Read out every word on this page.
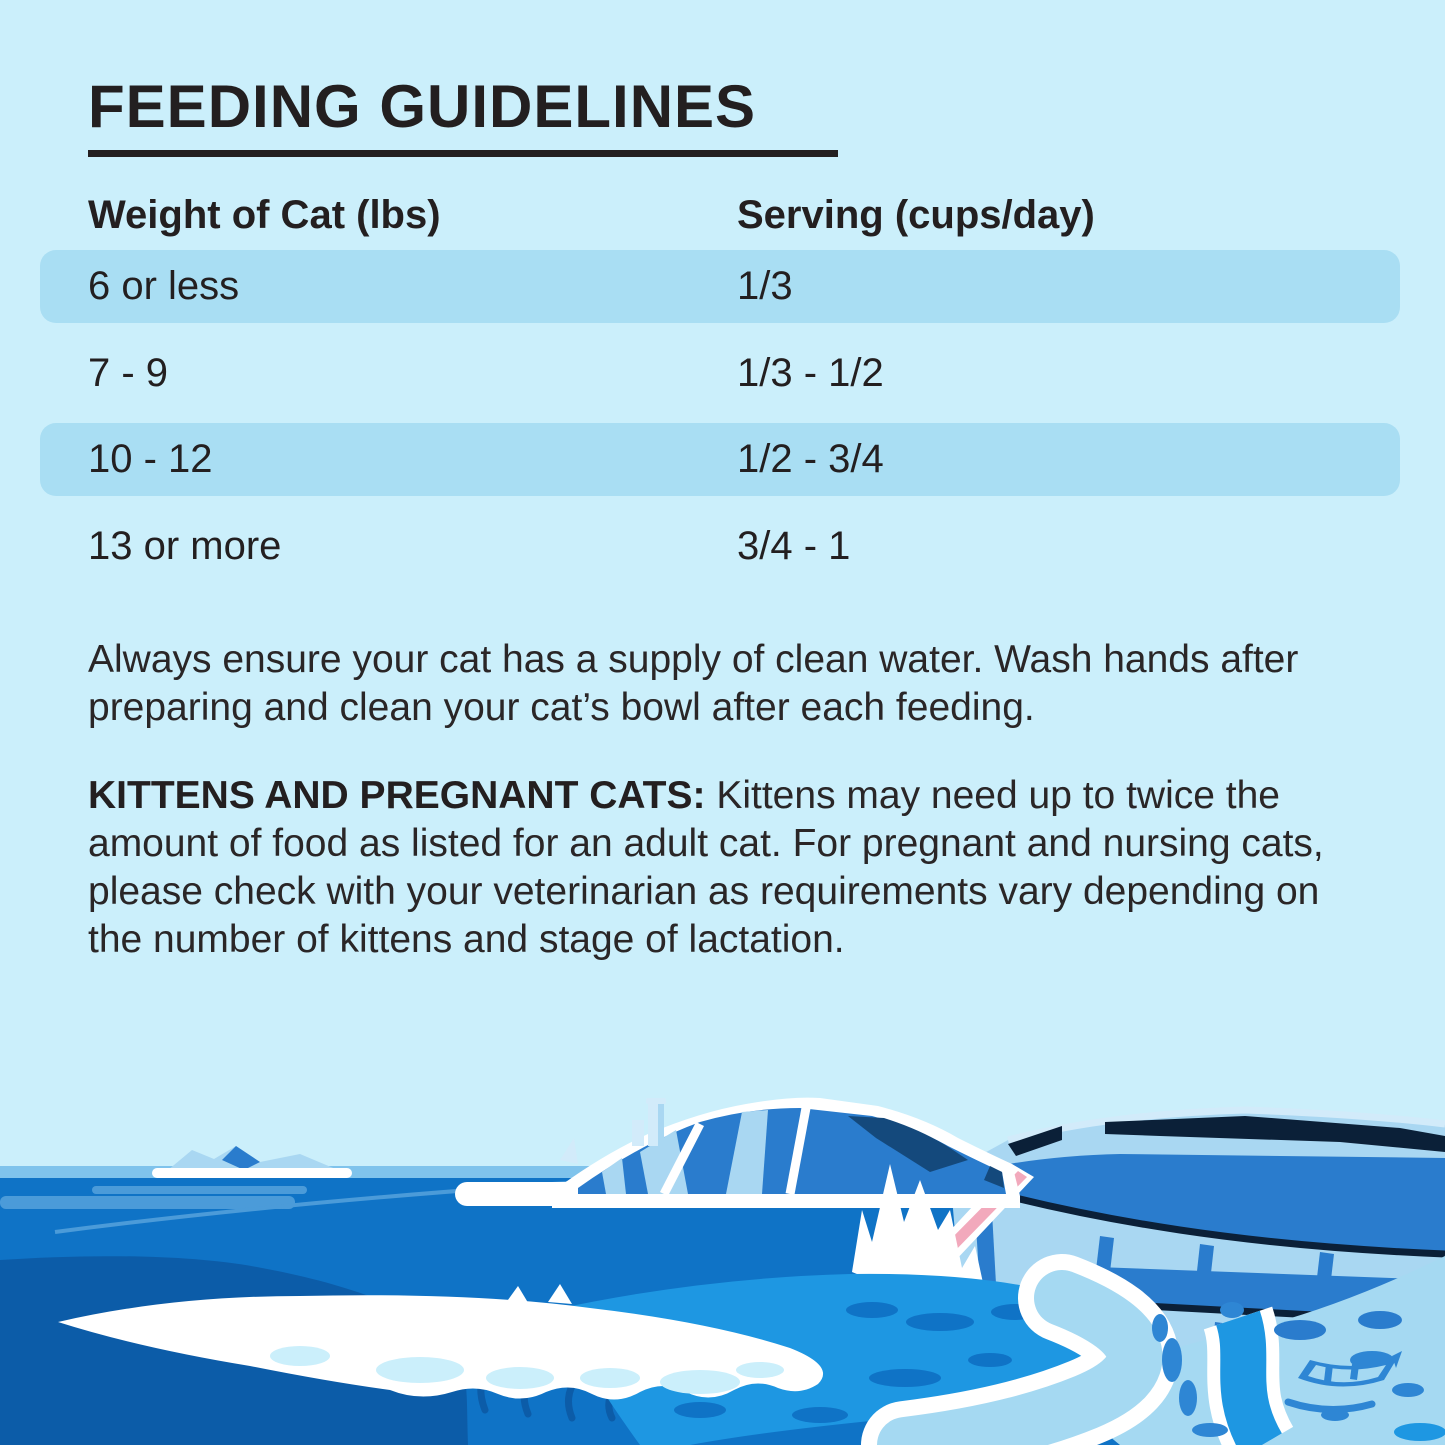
FEEDING GUIDELINES
Weight of Cat (lbs)	Serving (cups/day)
6 or less	1/3
7 - 9	1/3 - 1/2
10 - 12	1/2 - 3/4
13 or more	3/4 - 1
Always ensure your cat has a supply of clean water. Wash hands after preparing and clean your cat’s bowl after each feeding.
KITTENS AND PREGNANT CATS: Kittens may need up to twice the amount of food as listed for an adult cat. For pregnant and nursing cats, please check with your veterinarian as requirements vary depending on the number of kittens and stage of lactation.
